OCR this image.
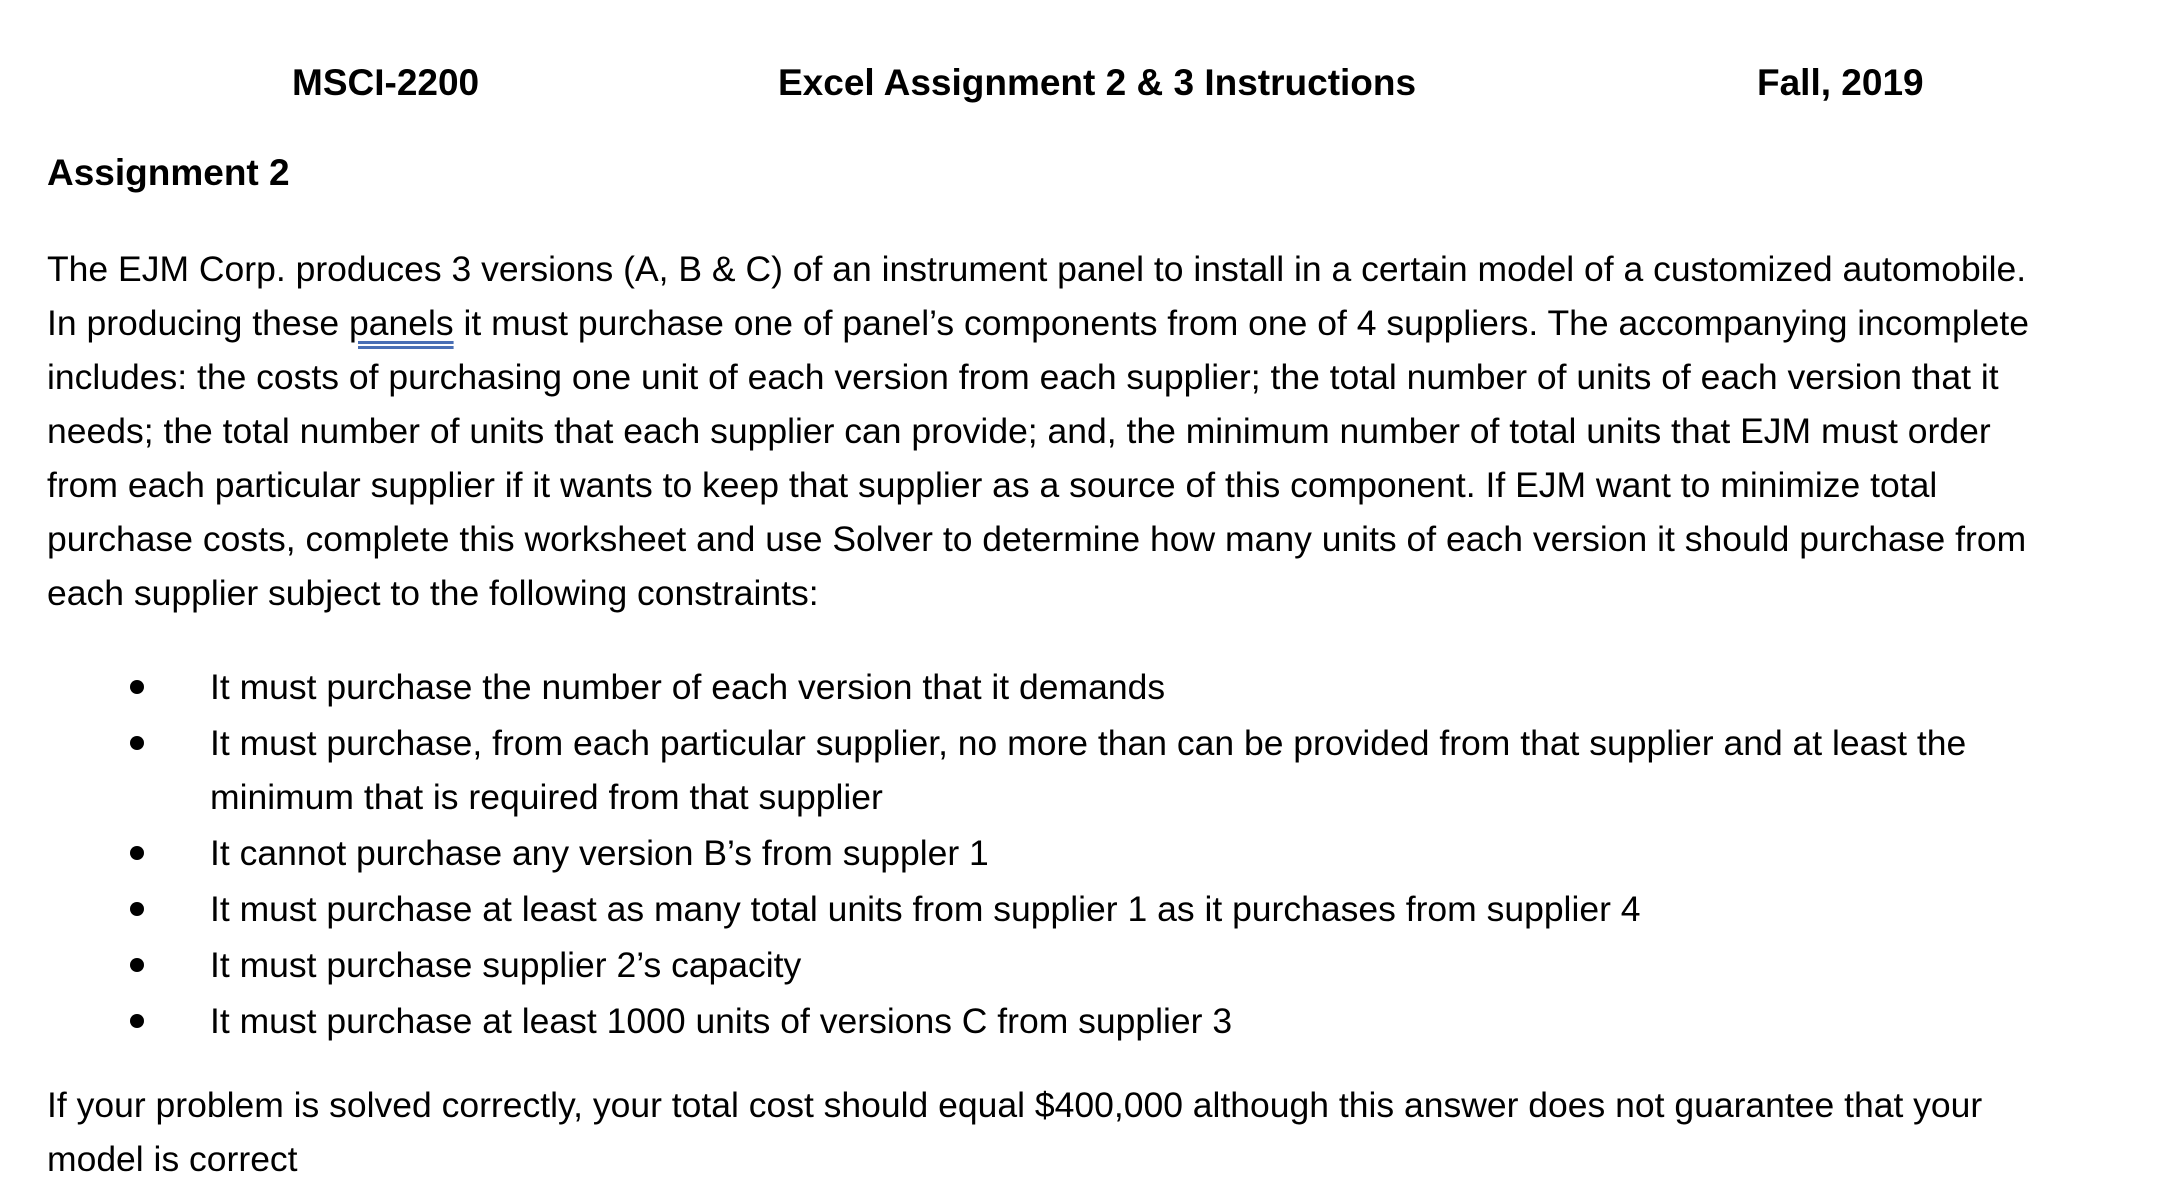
MSCI-2200	Excel Assignment 2 & 3 Instructions	Fall, 2019
Assignment 2
The EJM Corp. produces 3 versions (A, B & C) of an instrument panel to install in a certain model of a customized automobile.
In producing these panels it must purchase one of panel’s components from one of 4 suppliers. The accompanying incomplete
includes: the costs of purchasing one unit of each version from each supplier; the total number of units of each version that it
needs; the total number of units that each supplier can provide; and, the minimum number of total units that EJM must order
from each particular supplier if it wants to keep that supplier as a source of this component. If EJM want to minimize total
purchase costs, complete this worksheet and use Solver to determine how many units of each version it should purchase from
each supplier subject to the following constraints:
It must purchase the number of each version that it demands
It must purchase, from each particular supplier, no more than can be provided from that supplier and at least the
minimum that is required from that supplier
It cannot purchase any version B’s from suppler 1
It must purchase at least as many total units from supplier 1 as it purchases from supplier 4
It must purchase supplier 2’s capacity
It must purchase at least 1000 units of versions C from supplier 3
If your problem is solved correctly, your total cost should equal $400,000 although this answer does not guarantee that your
model is correct
